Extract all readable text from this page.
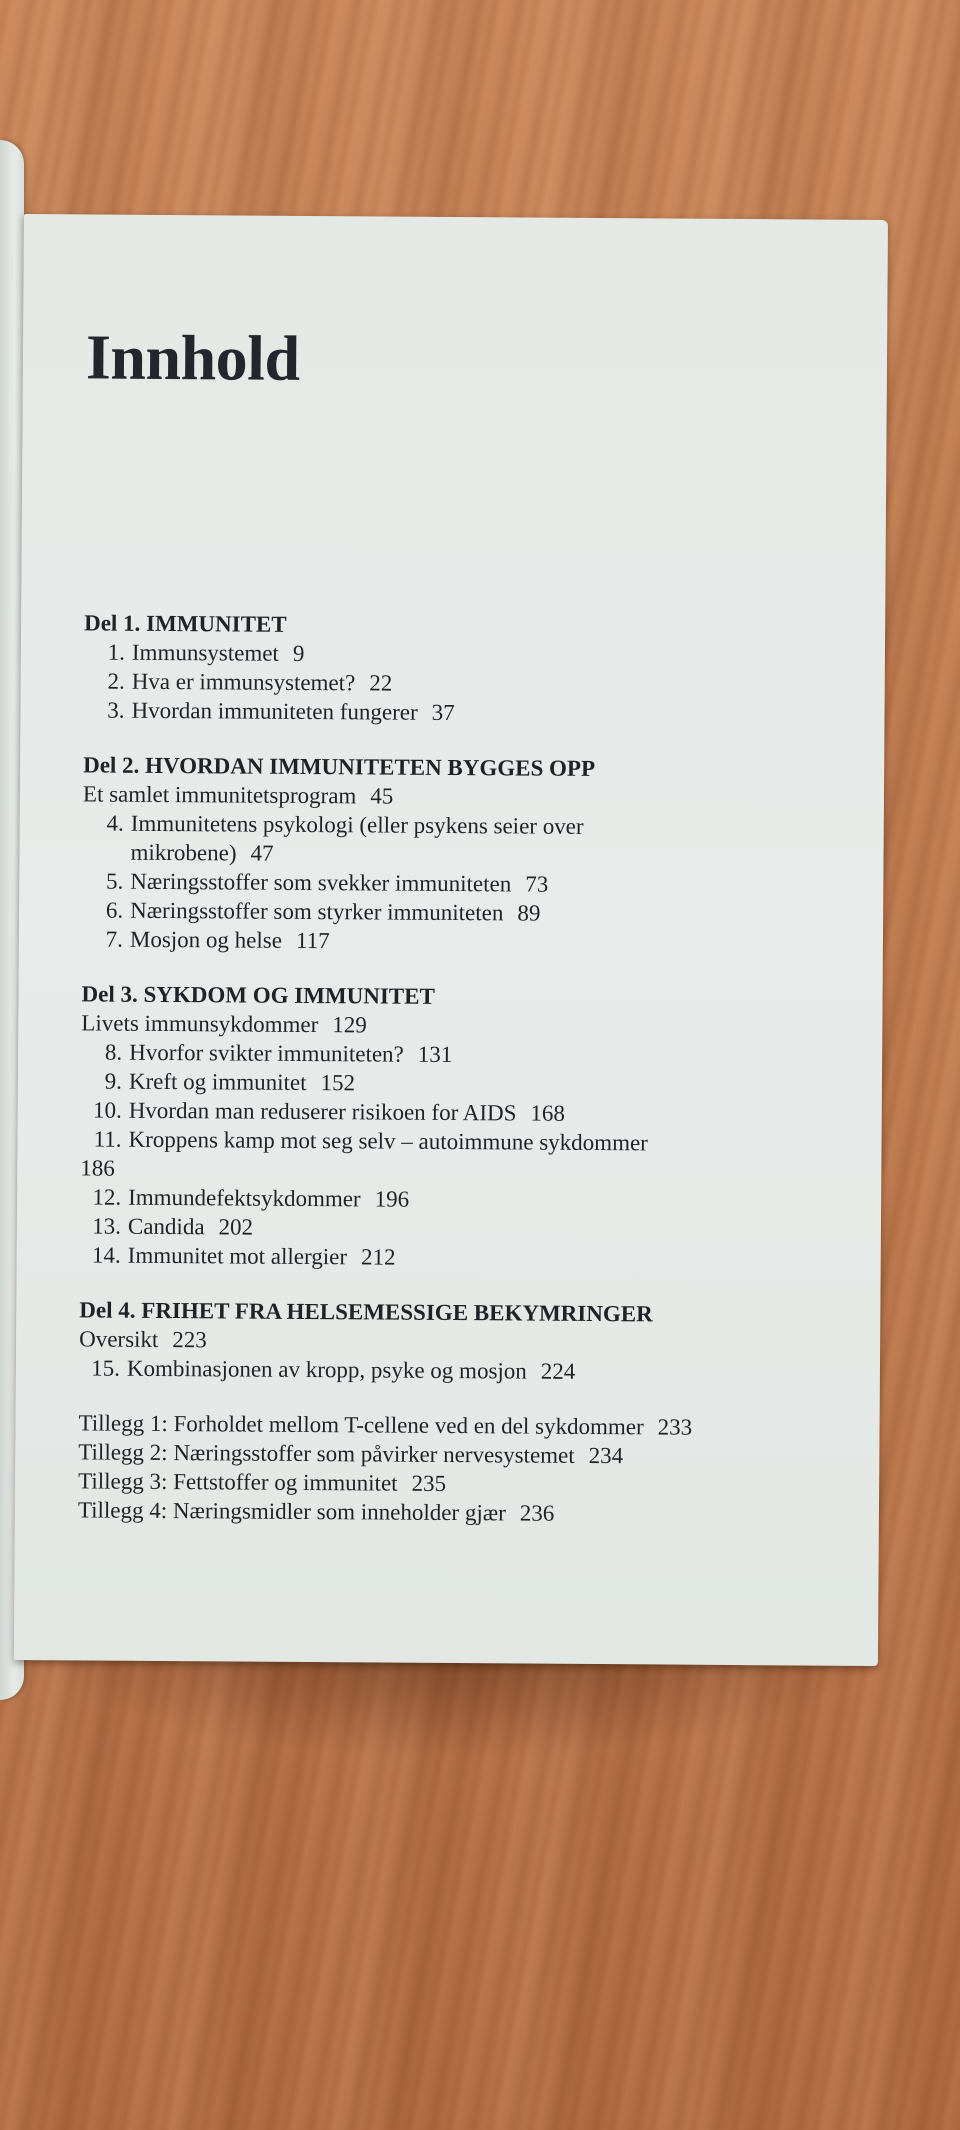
Innhold

Del 1. IMMUNITET

1. Immunsystemet 9

2. Hva er immunsystemet? 22

3. Hvordan immuniteten fungerer 37

Del 2. HVORDAN IMMUNITETEN BYGGES OPP

Et samlet immunitetsprogram 45

4. Immunitetens psykologi (eller psykens seier over
mikrobene) 47

5. Næringsstoffer som svekker immuniteten 73

6. Næringsstoffer som styrker immuniteten 89

7. Mosjon og helse 117

Del 3. SYKDOM OG IMMUNITET

Livets immunsykdommer 129

8. Hvorfor svikter immuniteten? 131

9. Kreft og immunitet 152

10. Hvordan man reduserer risikoen for AIDS 168

11. Kroppens kamp mot seg selv – autoimmune sykdommer
186

12. Immundefektsykdommer 196

13. Candida 202

14. Immunitet mot allergier 212

Del 4. FRIHET FRA HELSEMESSIGE BEKYMRINGER

Oversikt 223

15. Kombinasjonen av kropp, psyke og mosjon 224

Tillegg 1: Forholdet mellom T-cellene ved en del sykdommer 233

Tillegg 2: Næringsstoffer som påvirker nervesystemet 234

Tillegg 3: Fettstoffer og immunitet 235

Tillegg 4: Næringsmidler som inneholder gjær 236
